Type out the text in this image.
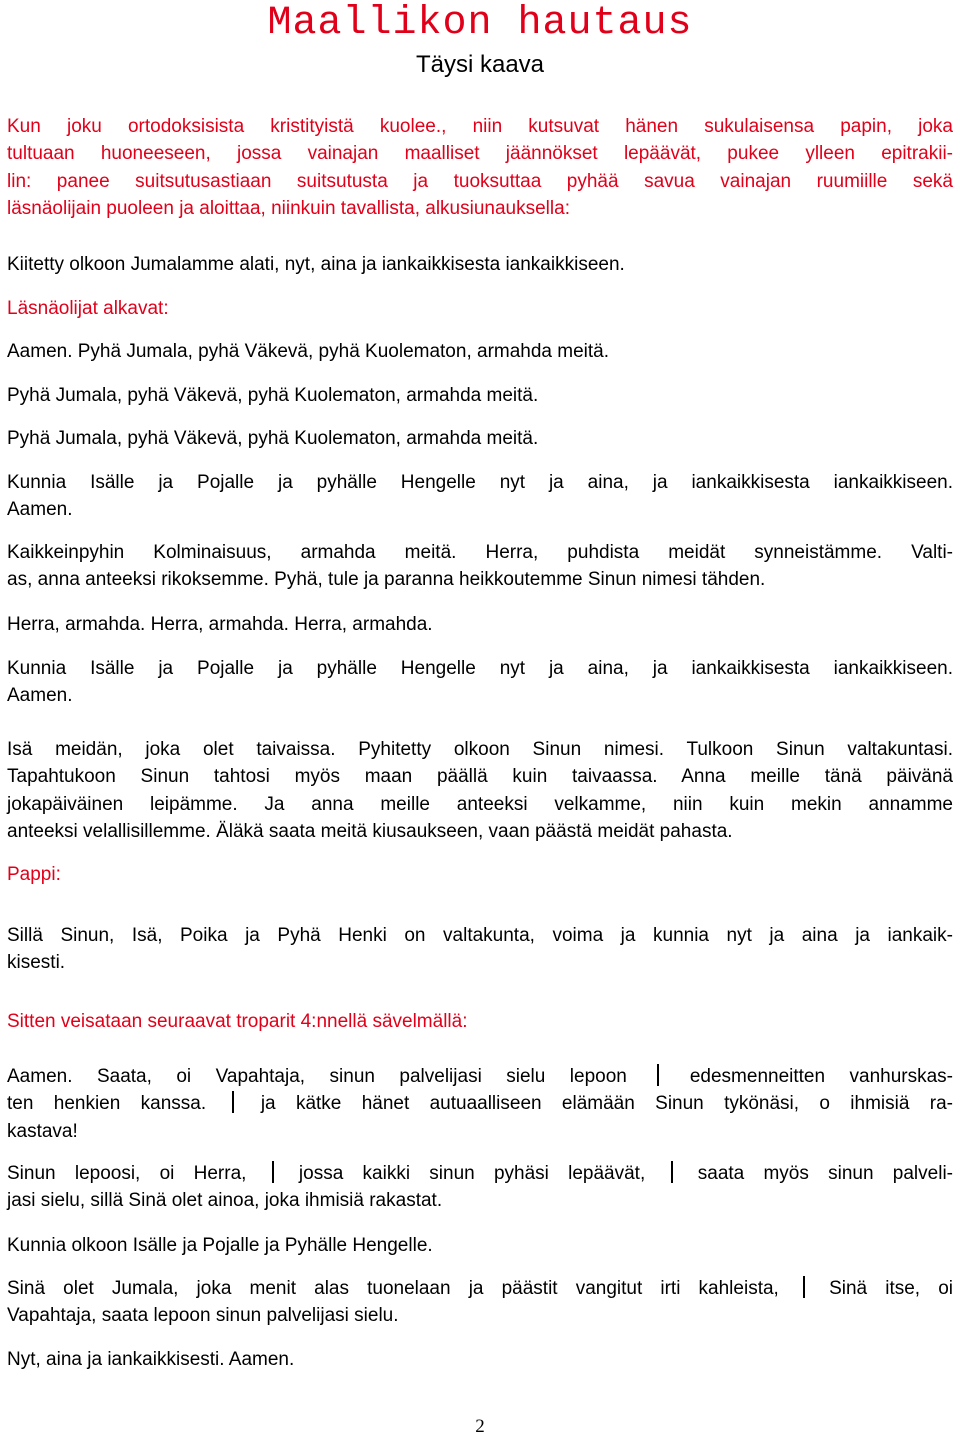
Maallikon hautaus
Täysi kaava
Kun joku ortodoksisista kristityistä kuolee., niin kutsuvat hänen sukulaisensa papin, joka
tultuaan huoneeseen, jossa vainajan maalliset jäännökset lepäävät, pukee ylleen epitrakii-
lin: panee suitsutusastiaan suitsutusta ja tuoksuttaa pyhää savua vainajan ruumiille sekä
läsnäolijain puoleen ja aloittaa, niinkuin tavallista, alkusiunauksella:
Kiitetty olkoon Jumalamme alati, nyt, aina ja iankaikkisesta iankaikkiseen.
Läsnäolijat alkavat:
Aamen. Pyhä Jumala, pyhä Väkevä, pyhä Kuolematon, armahda meitä.
Pyhä Jumala, pyhä Väkevä, pyhä Kuolematon, armahda meitä.
Pyhä Jumala, pyhä Väkevä, pyhä Kuolematon, armahda meitä.
Kunnia Isälle ja Pojalle ja pyhälle Hengelle nyt ja aina, ja iankaikkisesta iankaikkiseen.
Aamen.
Kaikkeinpyhin Kolminaisuus, armahda meitä. Herra, puhdista meidät synneistämme. Valti-
as, anna anteeksi rikoksemme. Pyhä, tule ja paranna heikkoutemme Sinun nimesi tähden.
Herra, armahda. Herra, armahda. Herra, armahda.
Kunnia Isälle ja Pojalle ja pyhälle Hengelle nyt ja aina, ja iankaikkisesta iankaikkiseen.
Aamen.
Isä meidän, joka olet taivaissa. Pyhitetty olkoon Sinun nimesi. Tulkoon Sinun valtakuntasi.
Tapahtukoon Sinun tahtosi myös maan päällä kuin taivaassa. Anna meille tänä päivänä
jokapäiväinen leipämme. Ja anna meille anteeksi velkamme, niin kuin mekin annamme
anteeksi velallisillemme. Äläkä saata meitä kiusaukseen, vaan päästä meidät pahasta.
Pappi:
Sillä Sinun, Isä, Poika ja Pyhä Henki on valtakunta, voima ja kunnia nyt ja aina ja iankaik-
kisesti.
Sitten veisataan seuraavat troparit 4:nnellä sävelmällä:
Aamen. Saata, oi Vapahtaja, sinun palvelijasi sielu lepoon	edesmenneitten vanhurskas-
ten henkien kanssa.	ja kätke hänet autuaalliseen elämään Sinun tykönäsi, o ihmisiä ra-
kastava!
Sinun lepoosi, oi Herra,	jossa kaikki sinun pyhäsi lepäävät,	saata myös sinun palveli-
jasi sielu, sillä Sinä olet ainoa, joka ihmisiä rakastat.
Kunnia olkoon Isälle ja Pojalle ja Pyhälle Hengelle.
Sinä olet Jumala, joka menit alas tuonelaan ja päästit vangitut irti kahleista,	Sinä itse, oi
Vapahtaja, saata lepoon sinun palvelijasi sielu.
Nyt, aina ja iankaikkisesti. Aamen.
2
